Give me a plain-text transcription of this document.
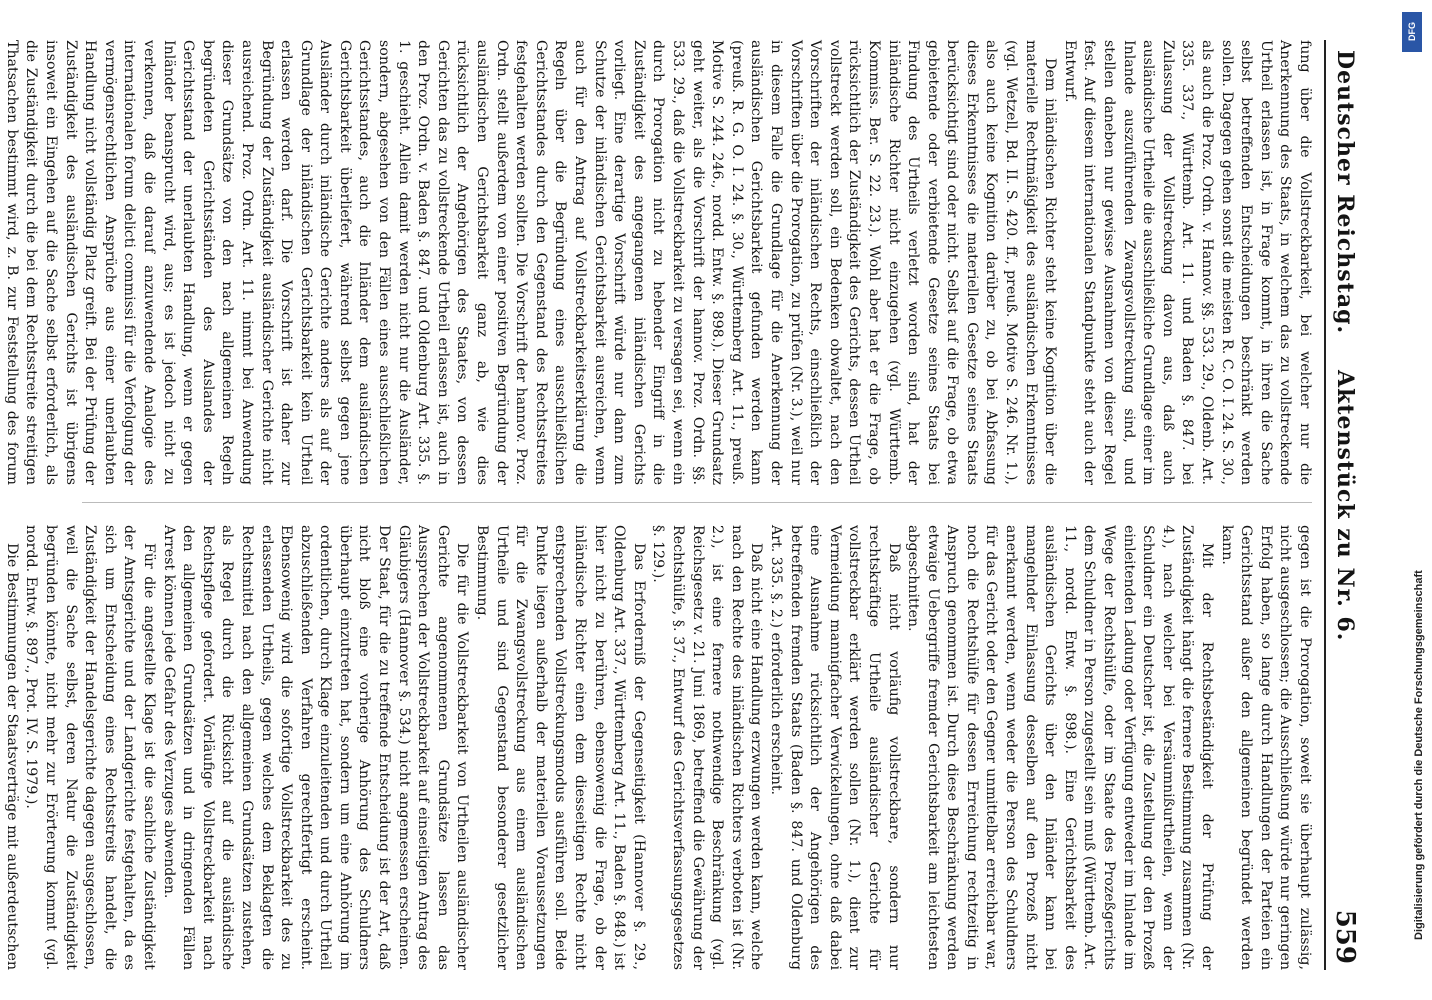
Deutscher Reichstag.
Aktenstück zu Nr. 6.
559

fung über die Vollstreckbarkeit, bei welcher nur die Anerkennung des Staats, in welchem das zu vollstreckende Urtheil erlassen ist, in Frage kommt, in ihren die Sache selbst betreffenden Entscheidungen beschränkt werden sollen. Dagegen gehen sonst die meisten R. C. O. I. 24. S. 30., als auch die Proz. Ordn. v. Hannov. §§. 533. 29., Oldenb. Art. 335. 337., Württemb. Art. 11. und Baden §. 847. bei Zulassung der Vollstreckung davon aus, daß auch ausländische Urtheile die ausschließliche Grundlage einer im Inlande auszuführenden Zwangsvollstreckung sind, und stellen daneben nur gewisse Ausnahmen von dieser Regel fest. Auf diesem internationalen Standpunkte steht auch der Entwurf.

Dem inländischen Richter steht keine Kognition über die materielle Rechtmäßigkeit des ausländischen Erkenntnisses (vgl. Wetzell, Bd. II. S. 420. ff., preuß. Motive S. 246. Nr. 1.), also auch keine Kognition darüber zu, ob bei Abfassung dieses Erkenntnisses die materiellen Gesetze seines Staats berücksichtigt sind oder nicht. Selbst auf die Frage, ob etwa gebietende oder verbietende Gesetze seines Staats bei Findung des Urtheils verletzt worden sind, hat der inländische Richter nicht einzugehen (vgl. Württemb. Kommiss. Ber. S. 22. 23.). Wohl aber hat er die Frage, ob rücksichtlich der Zuständigkeit des Gerichts, dessen Urtheil vollstreckt werden soll, ein Bedenken obwaltet, nach den Vorschriften der inländischen Rechts, einschließlich der Vorschriften über die Prorogation, zu prüfen (Nr. 3.), weil nur in diesem Falle die Grundlage für die Anerkennung der ausländischen Gerichtsbarkeit gefunden werden kann (preuß. R. G. O. I. 24. §. 30., Württemberg Art. 11., preuß. Motive S. 244. 246., nordd. Entw. §. 898.). Dieser Grundsatz geht weiter, als die Vorschrift der hannov. Proz. Ordn. §§. 533. 29., daß die Vollstreckbarkeit zu versagen sei, wenn ein durch Prorogation nicht zu hebender Eingriff in die Zuständigkeit des angegangenen inländischen Gerichts vorliegt. Eine derartige Vorschrift würde nur dann zum Schutze der inländischen Gerichtsbarkeit ausreichen, wenn auch für den Antrag auf Vollstreckbarkeitserklärung die Regeln über die Begründung eines ausschließlichen Gerichtsstandes durch den Gegenstand des Rechtsstreites festgehalten werden sollten. Die Vorschrift der hannov. Proz. Ordn. stellt außerdem von einer positiven Begründung der ausländischen Gerichtsbarkeit ganz ab, wie dies rücksichtlich der Angehörigen des Staates, von dessen Gerichten das zu vollstreckende Urtheil erlassen ist, auch in den Proz. Ordn. v. Baden §. 847. und Oldenburg Art. 335. §. 1. geschieht. Allein damit werden nicht nur die Ausländer, sondern, abgesehen von den Fällen eines ausschließlichen Gerichtsstandes, auch die Inländer dem ausländischen Gerichtsbarkeit überliefert, während selbst gegen jene Ausländer durch inländische Gerichte anders als auf der Grundlage der inländischen Gerichtsbarkeit kein Urtheil erlassen werden darf. Die Vorschrift ist daher zur Begründung der Zuständigkeit ausländischer Gerichte nicht ausreichend. Proz. Ordn. Art. 11. nimmt bei Anwendung dieser Grundsätze von den nach allgemeinen Regeln begründeten Gerichtsständen des Auslandes der Gerichtsstand der unerlaubten Handlung, wenn er gegen Inländer beansprucht wird, aus; es ist jedoch nicht zu verkennen, daß die darauf anzuwendende Analogie des internationalen forum delicti commissi für die Verfolgung der vermögensrechtlichen Ansprüche aus einer unerlaubten Handlung nicht vollständig Platz greift. Bei der Prüfung der Zuständigkeit des ausländischen Gerichts ist übrigens insoweit ein Eingehen auf die Sache selbst erforderlich, als die Zuständigkeit durch die bei dem Rechtsstreite streitigen Thatsachen bestimmt wird, z. B. zur Feststellung des forum

gegen ist die Prorogation, soweit sie überhaupt zulässig, nicht ausgeschlossen; die Ausschließung würde nur geringen Erfolg haben, so lange durch Handlungen der Parteien ein Gerichtsstand außer den allgemeinen begründet werden kann.

Mit der Rechtsbeständigkeit der Prüfung der Zuständigkeit hängt die fernere Bestimmung zusammen (Nr. 4.), nach welcher bei Versäumnißurtheilen, wenn der Schuldner ein Deutscher ist, die Zustellung der den Prozeß einleitenden Ladung oder Verfügung entweder im Inlande im Wege der Rechtshülfe, oder im Staate des Prozeßgerichts dem Schuldner in Person zugestellt sein muß (Württemb. Art. 11., nordd. Entw. §. 898.). Eine Gerichtsbarkeit des ausländischen Gerichts über den Inländer kann bei mangelnder Einlassung desselben auf den Prozeß nicht anerkannt werden, wenn weder die Person des Schuldners für das Gericht oder den Gegner unmittelbar erreichbar war, noch die Rechtshülfe für dessen Erreichung rechtzeitig in Anspruch genommen ist. Durch diese Beschränkung werden etwaige Uebergriffe fremder Gerichtsbarkeit am leichtesten abgeschnitten.

Daß nicht vorläufig vollstreckbare, sondern nur rechtskräftige Urtheile ausländischer Gerichte für vollstreckbar erklärt werden sollen (Nr. 1.), dient zur Vermeidung mannigfacher Verwickelungen, ohne daß dabei eine Ausnahme rücksichtlich der Angehörigen des betreffenden fremden Staats (Baden §. 847. und Oldenburg Art. 335. §. 2.) erforderlich erscheint.

Daß nicht eine Handlung erzwungen werden kann, welche nach den Rechte des inländischen Richters verboten ist (Nr. 2.), ist eine fernere nothwendige Beschränkung (vgl. Reichsgesetz v. 21. Juni 1869, betreffend die Gewährung der Rechtshülfe, §. 37., Entwurf des Gerichtsverfassungsgesetzes §. 129.).

Das Erforderniß der Gegenseitigkeit (Hannover §. 29., Oldenburg Art. 337., Württemberg Art. 11., Baden §. 848.) ist hier nicht zu berühren, ebensowenig die Frage, ob der inländische Richter einen dem diesseitigen Rechte nicht entsprechenden Vollstreckungsmodus ausführen soll. Beide Punkte liegen außerhalb der materiellen Voraussetzungen für die Zwangsvollstreckung aus einem ausländischen Urtheile und sind Gegenstand besonderer gesetzlicher Bestimmung.

Die für die Vollstreckbarkeit von Urtheilen ausländischer Gerichte angenommenen Grundsätze lassen das Aussprechen der Vollstreckbarkeit auf einseitigen Antrag des Gläubigers (Hannover §. 534.) nicht angemessen erscheinen. Der Staat, für die zu treffende Entscheidung ist der Art, daß nicht bloß eine vorherige Anhörung des Schuldners überhaupt einzutreten hat, sondern um eine Anhörung im ordentlichen, durch Klage einzuleitenden und durch Urtheil abzuschließenden Verfahren gerechtfertigt erscheint. Ebensowenig wird die sofortige Vollstreckbarkeit des zu erlassenden Urtheils, gegen welches dem Beklagten die Rechtsmittel nach den allgemeinen Grundsätzen zustehen, als Regel durch die Rücksicht auf die ausländische Rechtspflege gefordert. Vorläufige Vollstreckbarkeit nach den allgemeinen Grundsätzen und in dringenden Fällen Arrest können jede Gefahr des Verzuges abwenden.

Für die angestellte Klage ist die sachliche Zuständigkeit der Amtsgerichte und der Landgerichte festgehalten, da es sich um Entscheidung eines Rechtsstreits handelt, die Zuständigkeit der Handelsgerichte dagegen ausgeschlossen, weil die Sache selbst, deren Natur die Zuständigkeit begründen könnte, nicht mehr zur Erörterung kommt (vgl. nordd. Entw. §. 897., Prot. IV. S. 1979.).

Die Bestimmungen der Staatsverträge mit außerdeutschen

DFG
Digitalisierung gefördert durch die Deutsche Forschungsgemeinschaft
